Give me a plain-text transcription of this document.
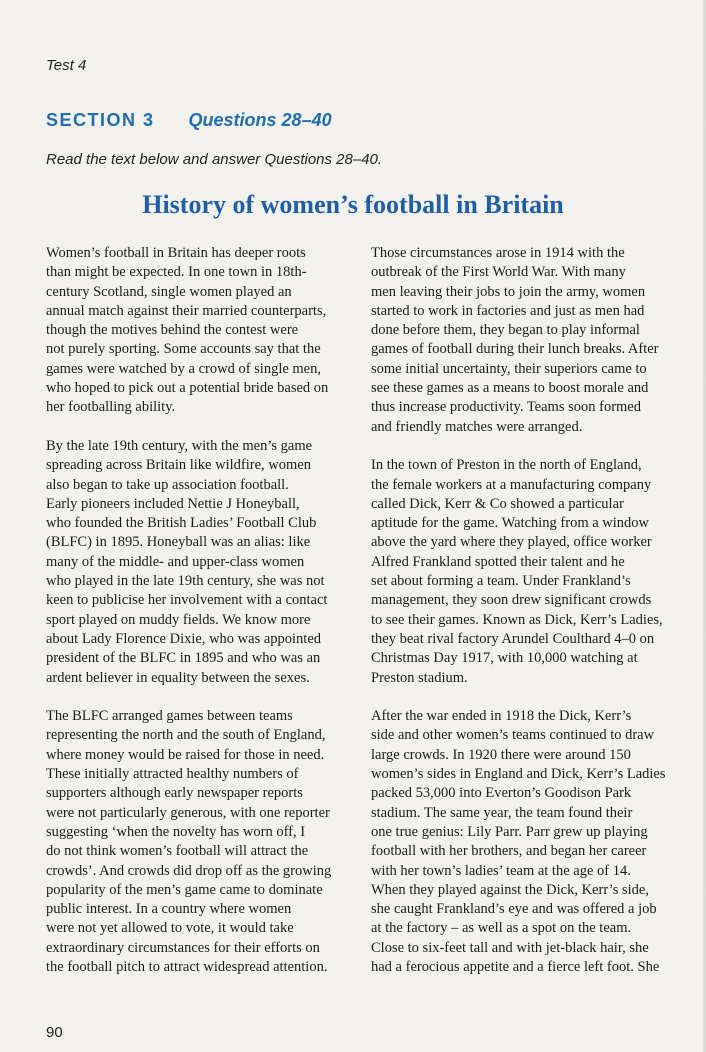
Test 4
SECTION 3 Questions 28–40
Read the text below and answer Questions 28–40.
History of women’s football in Britain
Women’s football in Britain has deeper roots
than might be expected. In one town in 18th-
century Scotland, single women played an
annual match against their married counterparts,
though the motives behind the contest were
not purely sporting. Some accounts say that the
games were watched by a crowd of single men,
who hoped to pick out a potential bride based on
her footballing ability.
By the late 19th century, with the men’s game
spreading across Britain like wildfire, women
also began to take up association football.
Early pioneers included Nettie J Honeyball,
who founded the British Ladies’ Football Club
(BLFC) in 1895. Honeyball was an alias: like
many of the middle- and upper-class women
who played in the late 19th century, she was not
keen to publicise her involvement with a contact
sport played on muddy fields. We know more
about Lady Florence Dixie, who was appointed
president of the BLFC in 1895 and who was an
ardent believer in equality between the sexes.
The BLFC arranged games between teams
representing the north and the south of England,
where money would be raised for those in need.
These initially attracted healthy numbers of
supporters although early newspaper reports
were not particularly generous, with one reporter
suggesting ‘when the novelty has worn off, I
do not think women’s football will attract the
crowds’. And crowds did drop off as the growing
popularity of the men’s game came to dominate
public interest. In a country where women
were not yet allowed to vote, it would take
extraordinary circumstances for their efforts on
the football pitch to attract widespread attention.
Those circumstances arose in 1914 with the
outbreak of the First World War. With many
men leaving their jobs to join the army, women
started to work in factories and just as men had
done before them, they began to play informal
games of football during their lunch breaks. After
some initial uncertainty, their superiors came to
see these games as a means to boost morale and
thus increase productivity. Teams soon formed
and friendly matches were arranged.
In the town of Preston in the north of England,
the female workers at a manufacturing company
called Dick, Kerr & Co showed a particular
aptitude for the game. Watching from a window
above the yard where they played, office worker
Alfred Frankland spotted their talent and he
set about forming a team. Under Frankland’s
management, they soon drew significant crowds
to see their games. Known as Dick, Kerr’s Ladies,
they beat rival factory Arundel Coulthard 4–0 on
Christmas Day 1917, with 10,000 watching at
Preston stadium.
After the war ended in 1918 the Dick, Kerr’s
side and other women’s teams continued to draw
large crowds. In 1920 there were around 150
women’s sides in England and Dick, Kerr’s Ladies
packed 53,000 into Everton’s Goodison Park
stadium. The same year, the team found their
one true genius: Lily Parr. Parr grew up playing
football with her brothers, and began her career
with her town’s ladies’ team at the age of 14.
When they played against the Dick, Kerr’s side,
she caught Frankland’s eye and was offered a job
at the factory – as well as a spot on the team.
Close to six-feet tall and with jet-black hair, she
had a ferocious appetite and a fierce left foot. She
90
